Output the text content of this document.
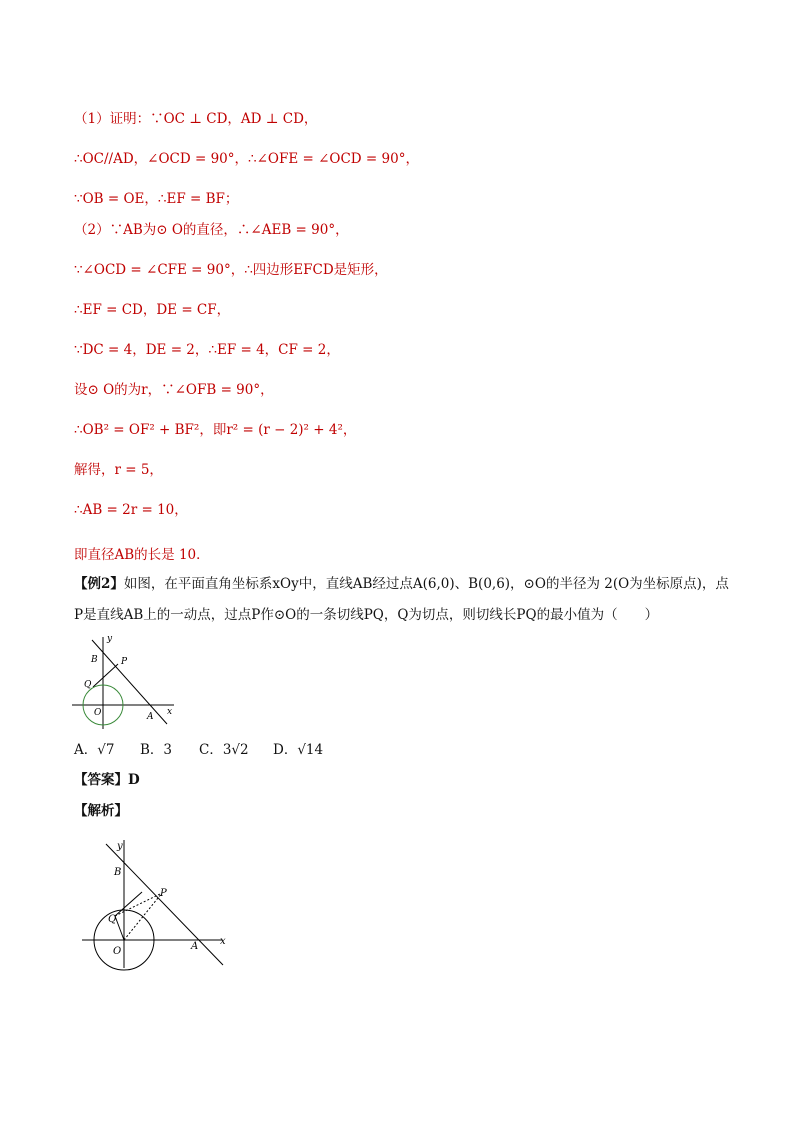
（1）证明：∵OC ⊥ CD，AD ⊥ CD，
∴OC//AD，∠OCD = 90°，∴∠OFE = ∠OCD = 90°，
∵OB = OE，∴EF = BF；
（2）∵AB为⊙ O的直径，∴∠AEB = 90°，
∵∠OCD = ∠CFE = 90°，∴四边形EFCD是矩形，
∴EF = CD，DE = CF，
∵DC = 4，DE = 2，∴EF = 4，CF = 2，
设⊙ O的为r，∵∠OFB = 90°，
∴OB² = OF² + BF²，即r² = (r − 2)² + 4²，
解得，r = 5，
∴AB = 2r = 10，
即直径AB的长是 10．
【例2】如图，在平面直角坐标系xOy中，直线AB经过点A(6,0)、B(0,6)，⊙O的半径为 2(O为坐标原点)，点
P是直线AB上的一动点，过点P作⊙O的一条切线PQ，Q为切点，则切线长PQ的最小值为（　　）
y
x
B	P
Q
O	A
A．√7 B．3 C．3√2 D．√14
【答案】D
【解析】
y
x
B
P
Q
O	A
